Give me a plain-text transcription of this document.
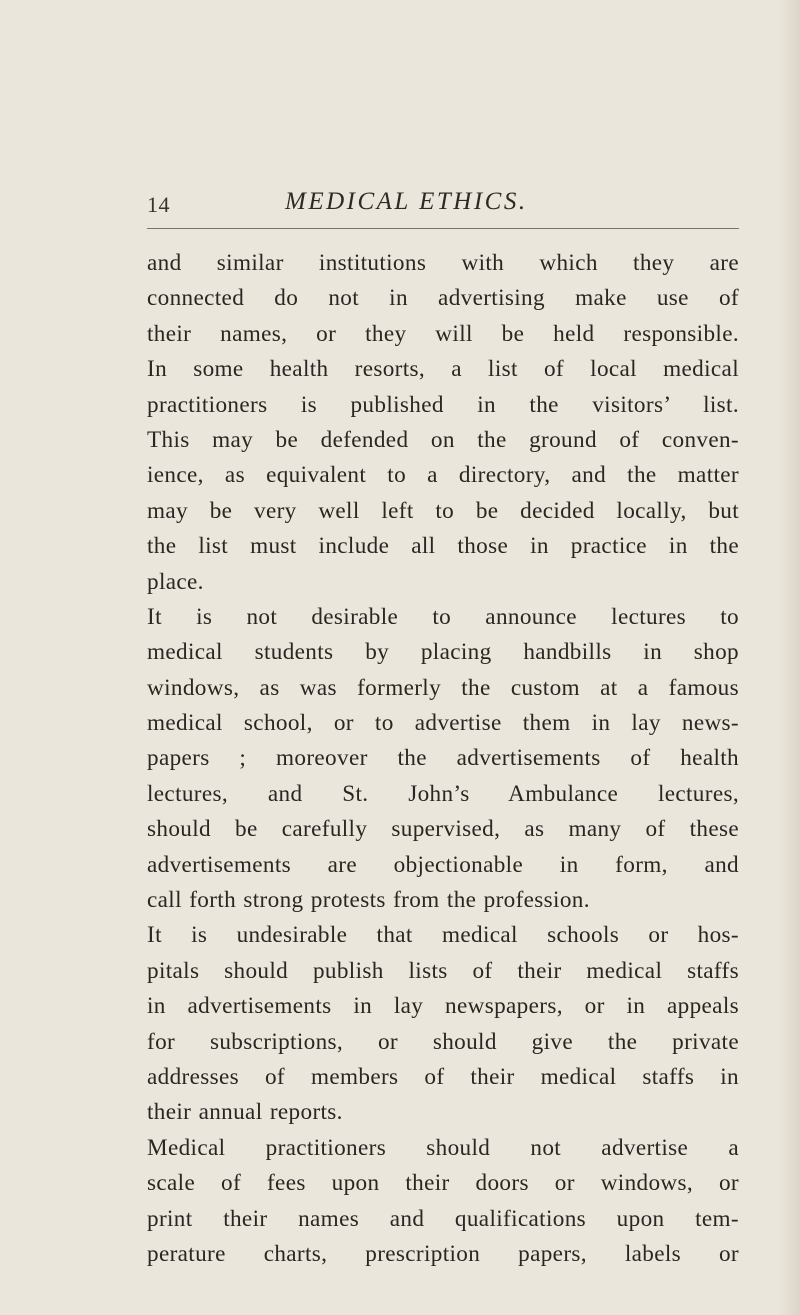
14	MEDICAL ETHICS.
and similar institutions with which they are
connected do not in advertising make use of
their names, or they will be held responsible.
In some health resorts, a list of local medical
practitioners is published in the visitors’ list.
This may be defended on the ground of conven-
ience, as equivalent to a directory, and the matter
may be very well left to be decided locally, but
the list must include all those in practice in the
place.
It is not desirable to announce lectures to
medical students by placing handbills in shop
windows, as was formerly the custom at a famous
medical school, or to advertise them in lay news-
papers ; moreover the advertisements of health
lectures, and St. John’s Ambulance lectures,
should be carefully supervised, as many of these
advertisements are objectionable in form, and
call forth strong protests from the profession.
It is undesirable that medical schools or hos-
pitals should publish lists of their medical staffs
in advertisements in lay newspapers, or in appeals
for subscriptions, or should give the private
addresses of members of their medical staffs in
their annual reports.
Medical practitioners should not advertise a
scale of fees upon their doors or windows, or
print their names and qualifications upon tem-
perature charts, prescription papers, labels or
